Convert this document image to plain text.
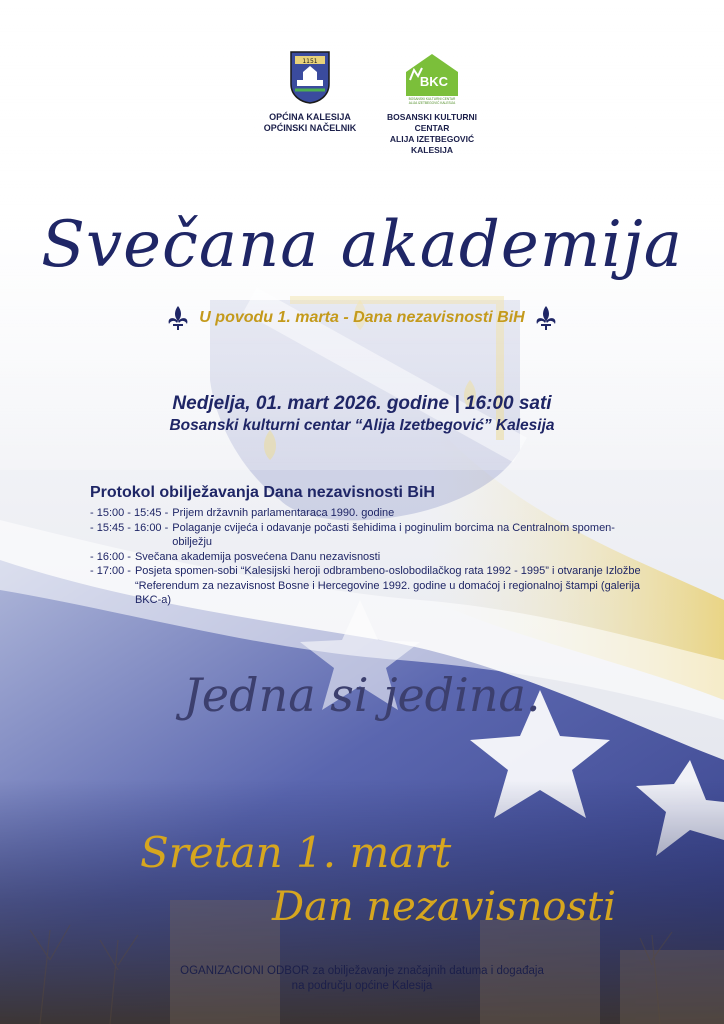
1151
OPĆINA KALESIJA
OPĆINSKI NAČELNIK
BKC
BOSANSKI KULTURNI CENTAR
ALIJA IZETBEGOVIĆ KALESIJA
BOSANSKI KULTURNI CENTAR
ALIJA IZETBEGOVIĆ KALESIJA
Svečana akademija
U povodu 1. marta - Dana nezavisnosti BiH
Nedjelja, 01. mart 2026. godine | 16:00 sati
Bosanski kulturni centar “Alija Izetbegović” Kalesija
Protokol obilježavanja Dana nezavisnosti BiH
- 15:00 - 15:45 - Prijem državnih parlamentaraca 1990. godine
- 15:45 - 16:00 - Polaganje cvijeća i odavanje počasti šehidima i poginulim borcima na Centralnom spomen-obilježju
- 16:00 - Svečana akademija posvećena Danu nezavisnosti
- 17:00 - Posjeta spomen-sobi “Kalesijski heroji odbrambeno-oslobodilačkog rata 1992 - 1995” i otvaranje Izložbe “Referendum za nezavisnost Bosne i Hercegovine 1992. godine u domaćoj i regionalnoj štampi (galerija BKC-a)
Jedna si jedina.
Sretan 1. mart
Dan nezavisnosti
OGANIZACIONI ODBOR za obilježavanje značajnih datuma i događaja
na području općine Kalesija
